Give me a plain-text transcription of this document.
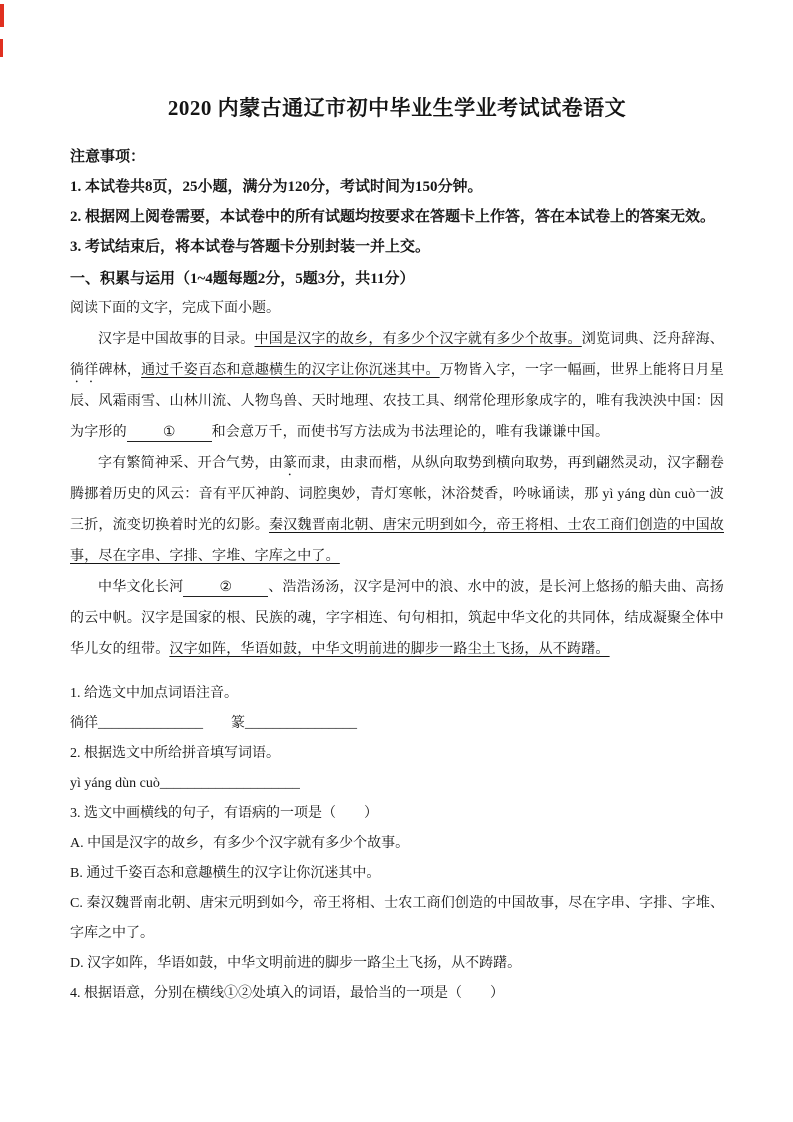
2020 内蒙古通辽市初中毕业生学业考试试卷语文
注意事项：
1. 本试卷共8页，25小题，满分为120分，考试时间为150分钟。
2. 根据网上阅卷需要，本试卷中的所有试题均按要求在答题卡上作答，答在本试卷上的答案无效。
3. 考试结束后，将本试卷与答题卡分别封装一并上交。
一、积累与运用（1~4题每题2分，5题3分，共11分）
阅读下面的文字，完成下面小题。

汉字是中国故事的目录。中国是汉字的故乡，有多少个汉字就有多少个故事。浏览词典、泛舟辞海、徜徉碑林，通过千姿百态和意趣横生的汉字让你沉迷其中。万物皆入字，一字一幅画，世界上能将日月星辰、风霜雨雪、山林川流、人物鸟兽、天时地理、农技工具、纲常伦理形象成字的，唯有我泱泱中国：因为字形的	①	和会意万千，而使书写方法成为书法理论的，唯有我谦谦中国。

字有繁简神采、开合气势，由篆而隶，由隶而楷，从纵向取势到横向取势，再到翩然灵动，汉字翻卷腾挪着历史的风云：音有平仄神韵、词腔奥妙，青灯寒帐，沐浴焚香，吟咏诵读，那 yì yáng dùn cuò一波三折，流变切换着时光的幻影。秦汉魏晋南北朝、唐宋元明到如今，帝王将相、士农工商们创造的中国故事，尽在字串、字排、字堆、字库之中了。

中华文化长河	②	、浩浩汤汤，汉字是河中的浪、水中的波，是长河上悠扬的船夫曲、高扬的云中帆。汉字是国家的根、民族的魂，字字相连、句句相扣，筑起中华文化的共同体，结成凝聚全体中华儿女的纽带。汉字如阵，华语如鼓，中华文明前进的脚步一路尘土飞扬，从不踌躇。

1. 给选文中加点词语注音。
徜徉_______________　　篆________________
2. 根据选文中所给拼音填写词语。
yì yáng dùn cuò____________________
3. 选文中画横线的句子，有语病的一项是（　　）
A. 中国是汉字的故乡，有多少个汉字就有多少个故事。
B. 通过千姿百态和意趣横生的汉字让你沉迷其中。
C. 秦汉魏晋南北朝、唐宋元明到如今，帝王将相、士农工商们创造的中国故事，尽在字串、字排、字堆、字库之中了。
D. 汉字如阵，华语如鼓，中华文明前进的脚步一路尘土飞扬，从不踌躇。
4. 根据语意，分别在横线①②处填入的词语，最恰当的一项是（　　）
